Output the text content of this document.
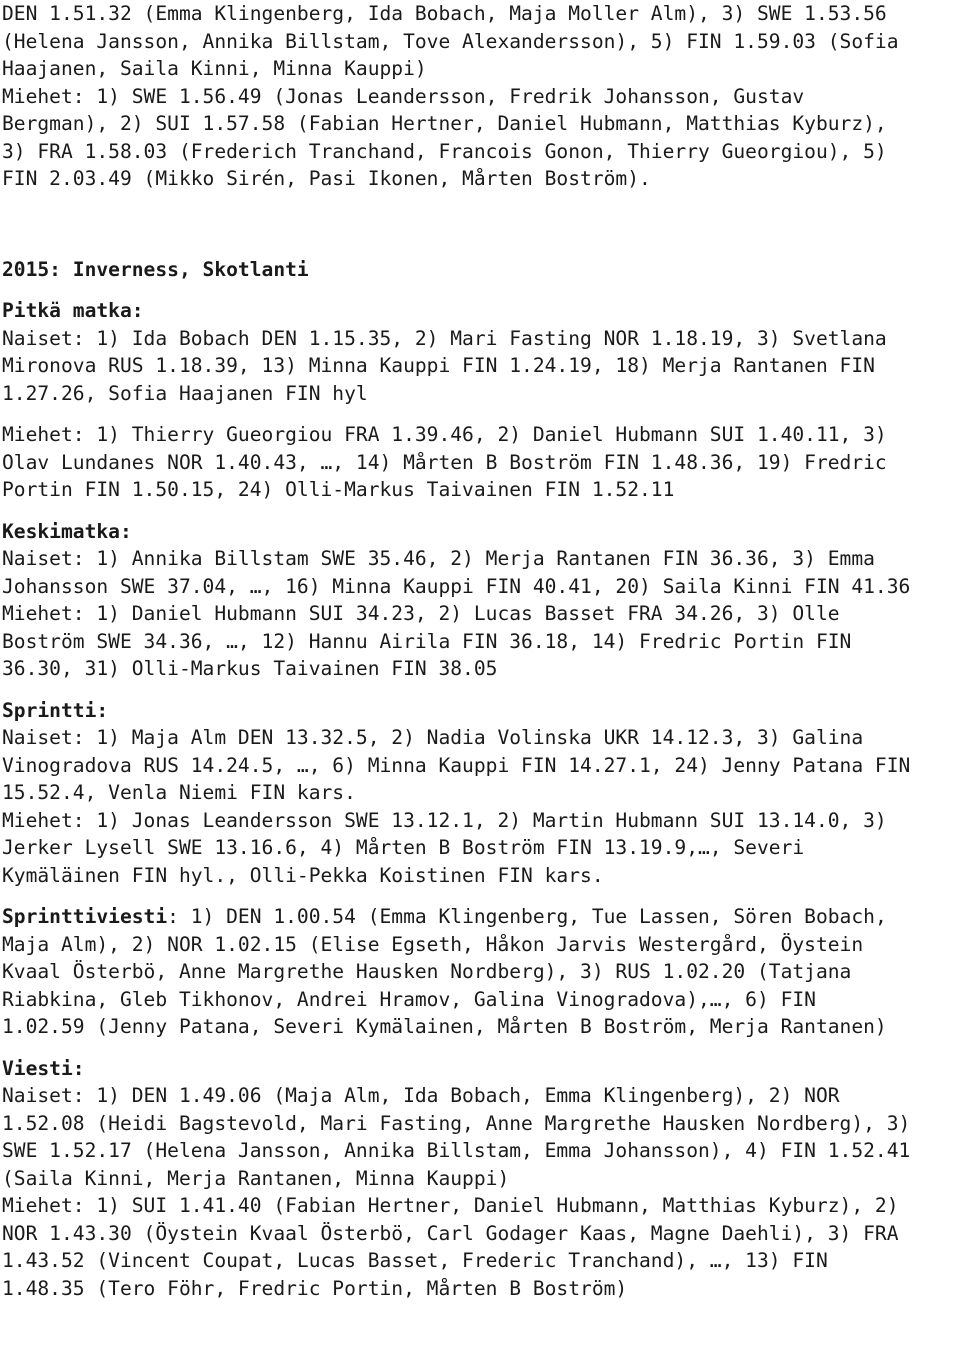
DEN 1.51.32 (Emma Klingenberg, Ida Bobach, Maja Moller Alm), 3) SWE 1.53.56
(Helena Jansson, Annika Billstam, Tove Alexandersson), 5) FIN 1.59.03 (Sofia
Haajanen, Saila Kinni, Minna Kauppi)
Miehet: 1) SWE 1.56.49 (Jonas Leandersson, Fredrik Johansson, Gustav
Bergman), 2) SUI 1.57.58 (Fabian Hertner, Daniel Hubmann, Matthias Kyburz),
3) FRA 1.58.03 (Frederich Tranchand, Francois Gonon, Thierry Gueorgiou), 5)
FIN 2.03.49 (Mikko Sirén, Pasi Ikonen, Mårten Boström).
2015: Inverness, Skotlanti
Pitkä matka:
Naiset: 1) Ida Bobach DEN 1.15.35, 2) Mari Fasting NOR 1.18.19, 3) Svetlana
Mironova RUS 1.18.39, 13) Minna Kauppi FIN 1.24.19, 18) Merja Rantanen FIN
1.27.26, Sofia Haajanen FIN hyl
Miehet: 1) Thierry Gueorgiou FRA 1.39.46, 2) Daniel Hubmann SUI 1.40.11, 3)
Olav Lundanes NOR 1.40.43, …, 14) Mårten B Boström FIN 1.48.36, 19) Fredric
Portin FIN 1.50.15, 24) Olli-Markus Taivainen FIN 1.52.11
Keskimatka:
Naiset: 1) Annika Billstam SWE 35.46, 2) Merja Rantanen FIN 36.36, 3) Emma
Johansson SWE 37.04, …, 16) Minna Kauppi FIN 40.41, 20) Saila Kinni FIN 41.36
Miehet: 1) Daniel Hubmann SUI 34.23, 2) Lucas Basset FRA 34.26, 3) Olle
Boström SWE 34.36, …, 12) Hannu Airila FIN 36.18, 14) Fredric Portin FIN
36.30, 31) Olli-Markus Taivainen FIN 38.05
Sprintti:
Naiset: 1) Maja Alm DEN 13.32.5, 2) Nadia Volinska UKR 14.12.3, 3) Galina
Vinogradova RUS 14.24.5, …, 6) Minna Kauppi FIN 14.27.1, 24) Jenny Patana FIN
15.52.4, Venla Niemi FIN kars.
Miehet: 1) Jonas Leandersson SWE 13.12.1, 2) Martin Hubmann SUI 13.14.0, 3)
Jerker Lysell SWE 13.16.6, 4) Mårten B Boström FIN 13.19.9,…, Severi
Kymäläinen FIN hyl., Olli-Pekka Koistinen FIN kars.
Sprinttiviesti: 1) DEN 1.00.54 (Emma Klingenberg, Tue Lassen, Sören Bobach,
Maja Alm), 2) NOR 1.02.15 (Elise Egseth, Håkon Jarvis Westergård, Öystein
Kvaal Österbö, Anne Margrethe Hausken Nordberg), 3) RUS 1.02.20 (Tatjana
Riabkina, Gleb Tikhonov, Andrei Hramov, Galina Vinogradova),…, 6) FIN
1.02.59 (Jenny Patana, Severi Kymälainen, Mårten B Boström, Merja Rantanen)
Viesti:
Naiset: 1) DEN 1.49.06 (Maja Alm, Ida Bobach, Emma Klingenberg), 2) NOR
1.52.08 (Heidi Bagstevold, Mari Fasting, Anne Margrethe Hausken Nordberg), 3)
SWE 1.52.17 (Helena Jansson, Annika Billstam, Emma Johansson), 4) FIN 1.52.41
(Saila Kinni, Merja Rantanen, Minna Kauppi)
Miehet: 1) SUI 1.41.40 (Fabian Hertner, Daniel Hubmann, Matthias Kyburz), 2)
NOR 1.43.30 (Öystein Kvaal Österbö, Carl Godager Kaas, Magne Daehli), 3) FRA
1.43.52 (Vincent Coupat, Lucas Basset, Frederic Tranchand), …, 13) FIN
1.48.35 (Tero Föhr, Fredric Portin, Mårten B Boström)
